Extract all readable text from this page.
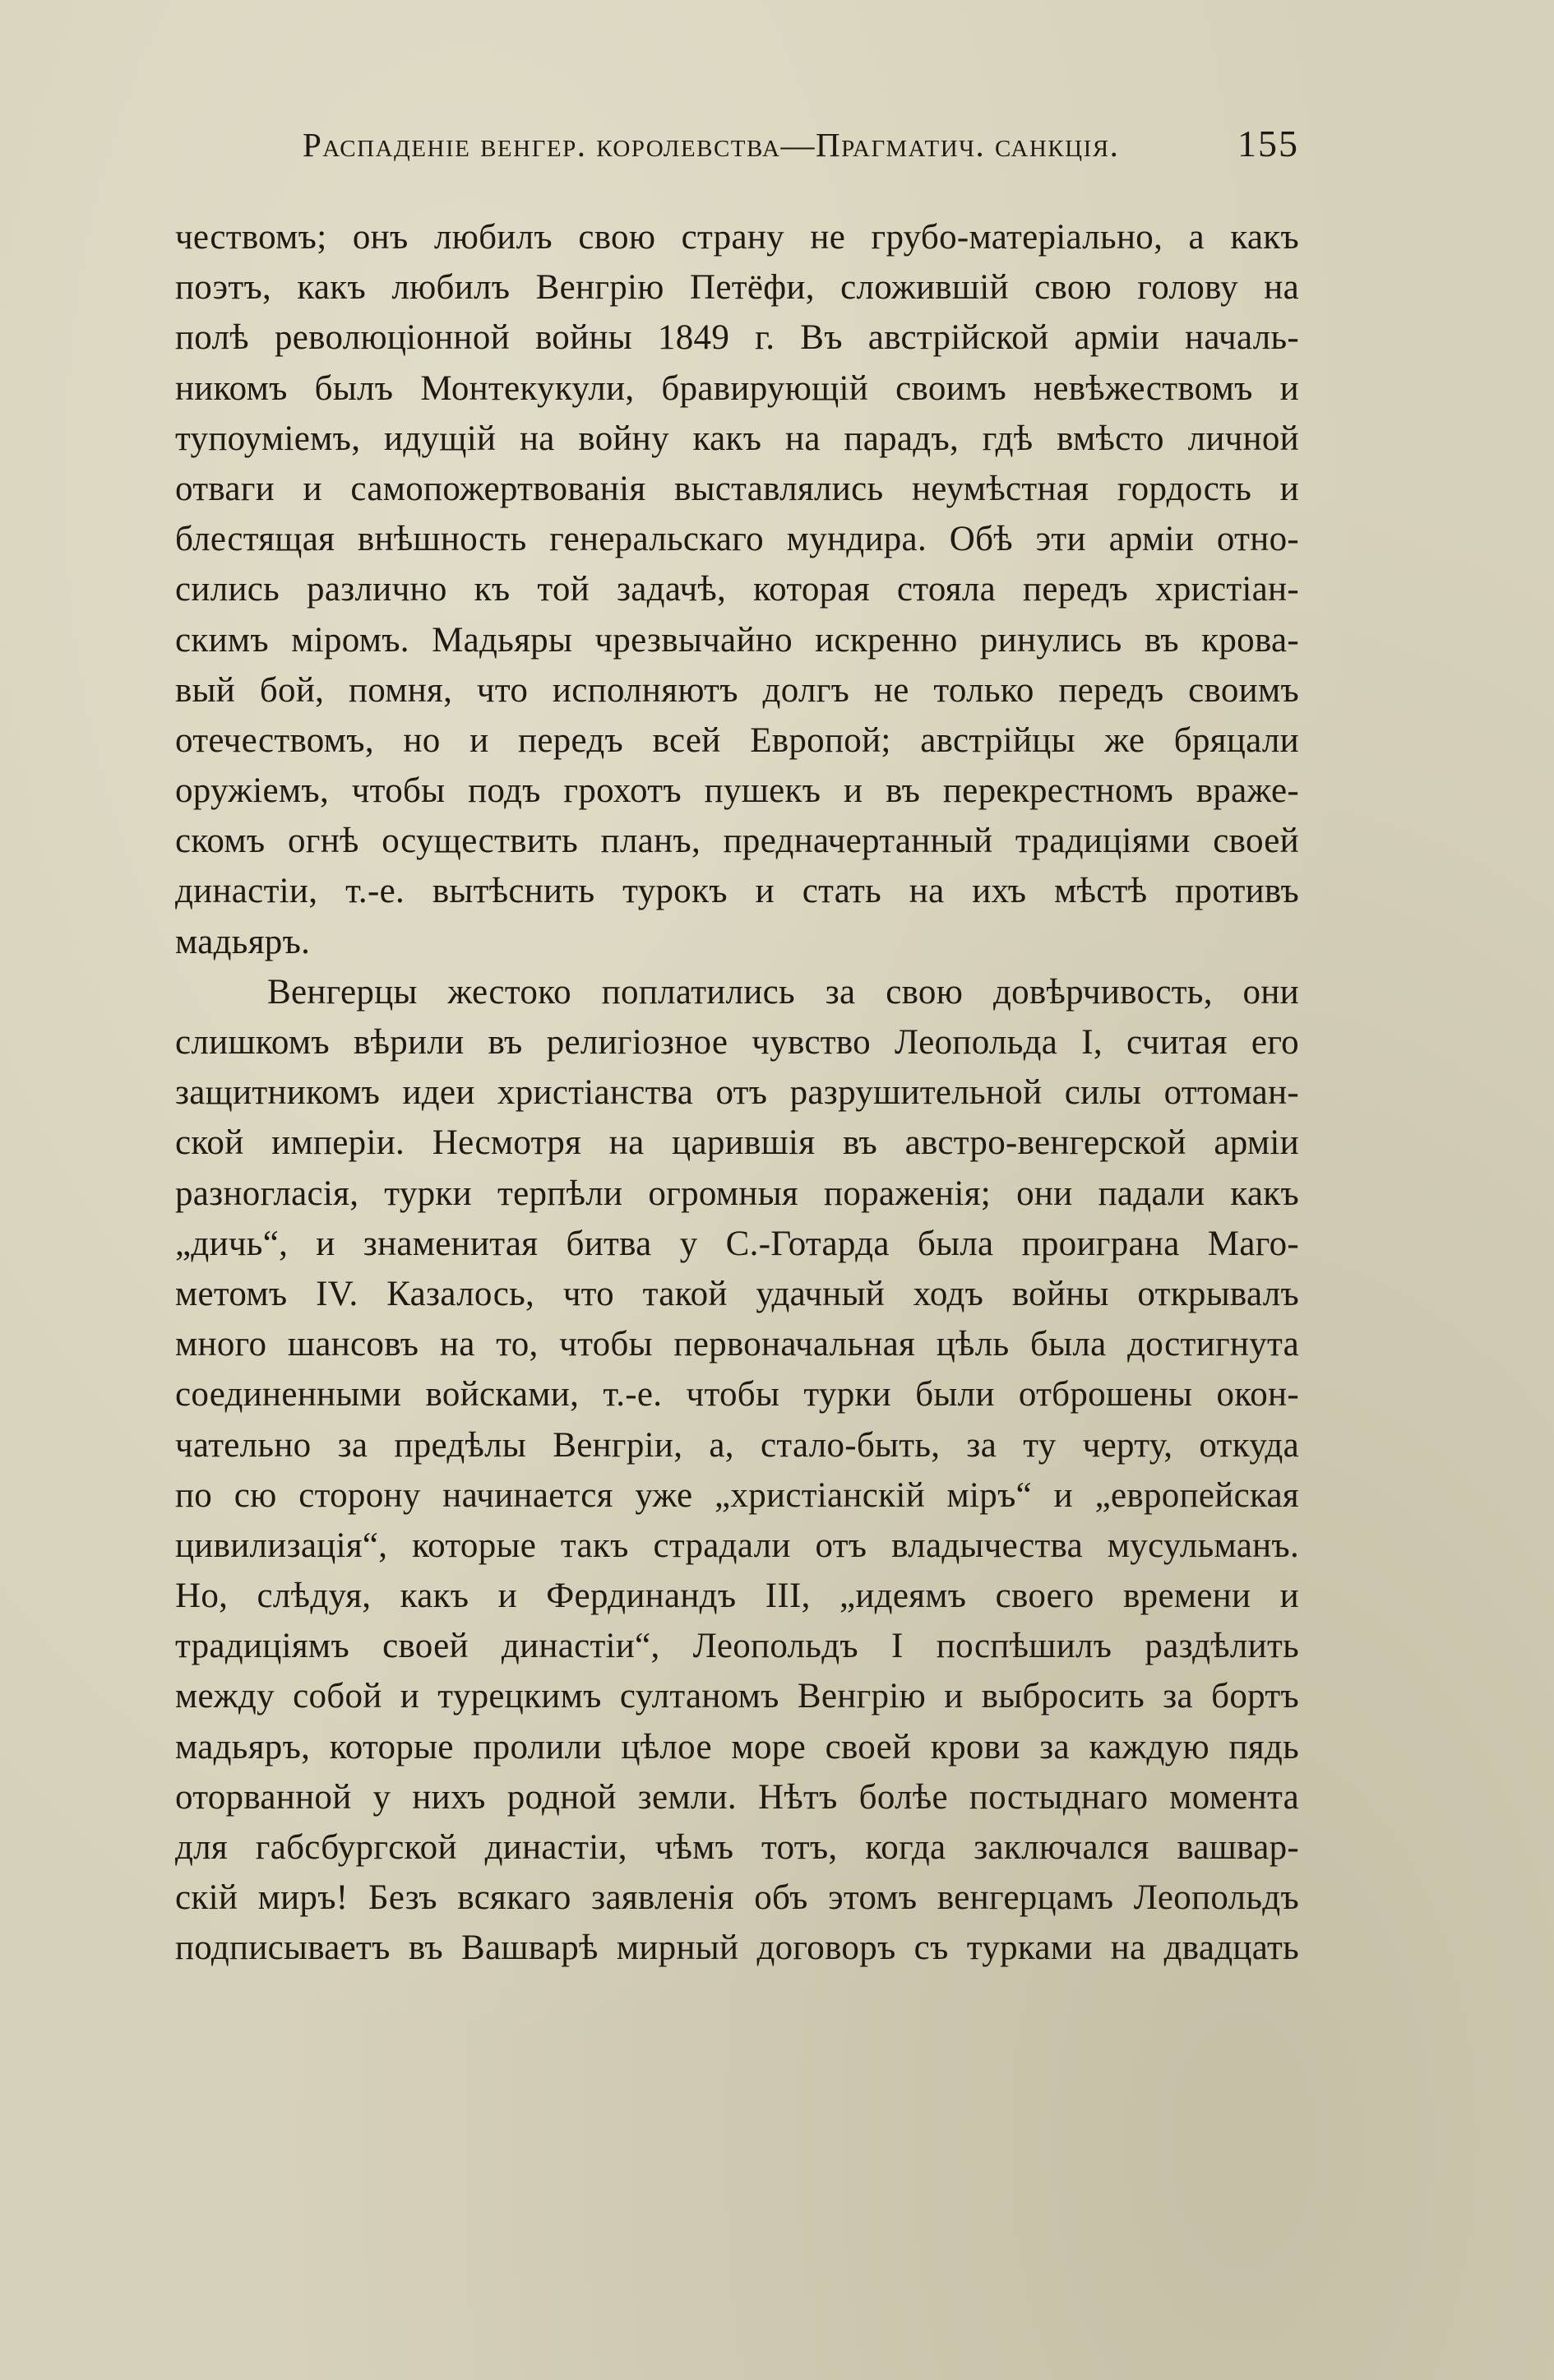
Распаденіе венгер. королевства—Прагматич. санкція.	155
чествомъ; онъ любилъ свою страну не грубо-матеріально, а какъ
поэтъ, какъ любилъ Венгрію Петёфи, сложившій свою голову на
полѣ революціонной войны 1849 г. Въ австрійской арміи началь-
никомъ былъ Монтекукули, бравирующій своимъ невѣжествомъ и
тупоуміемъ, идущій на войну какъ на парадъ, гдѣ вмѣсто личной
отваги и самопожертвованія выставлялись неумѣстная гордость и
блестящая внѣшность генеральскаго мундира. Обѣ эти арміи отно-
сились различно къ той задачѣ, которая стояла передъ христіан-
скимъ міромъ. Мадьяры чрезвычайно искренно ринулись въ крова-
вый бой, помня, что исполняютъ долгъ не только передъ своимъ
отечествомъ, но и передъ всей Европой; австрійцы же бряцали
оружіемъ, чтобы подъ грохотъ пушекъ и въ перекрестномъ враже-
скомъ огнѣ осуществить планъ, предначертанный традиціями своей
династіи, т.-е. вытѣснить турокъ и стать на ихъ мѣстѣ противъ
мадьяръ.
Венгерцы жестоко поплатились за свою довѣрчивость, они
слишкомъ вѣрили въ религіозное чувство Леопольда I, считая его
защитникомъ идеи христіанства отъ разрушительной силы оттоман-
ской имперіи. Несмотря на царившія въ австро-венгерской арміи
разногласія, турки терпѣли огромныя пораженія; они падали какъ
„дичь“, и знаменитая битва у С.-Готарда была проиграна Маго-
метомъ IV. Казалось, что такой удачный ходъ войны открывалъ
много шансовъ на то, чтобы первоначальная цѣль была достигнута
соединенными войсками, т.-е. чтобы турки были отброшены окон-
чательно за предѣлы Венгріи, а, стало-быть, за ту черту, откуда
по сю сторону начинается уже „христіанскій міръ“ и „европейская
цивилизація“, которые такъ страдали отъ владычества мусульманъ.
Но, слѣдуя, какъ и Фердинандъ III, „идеямъ своего времени и
традиціямъ своей династіи“, Леопольдъ I поспѣшилъ раздѣлить
между собой и турецкимъ султаномъ Венгрію и выбросить за бортъ
мадьяръ, которые пролили цѣлое море своей крови за каждую пядь
оторванной у нихъ родной земли. Нѣтъ болѣе постыднаго момента
для габсбургской династіи, чѣмъ тотъ, когда заключался вашвар-
скій миръ! Безъ всякаго заявленія объ этомъ венгерцамъ Леопольдъ
подписываетъ въ Вашварѣ мирный договоръ съ турками на двадцать
